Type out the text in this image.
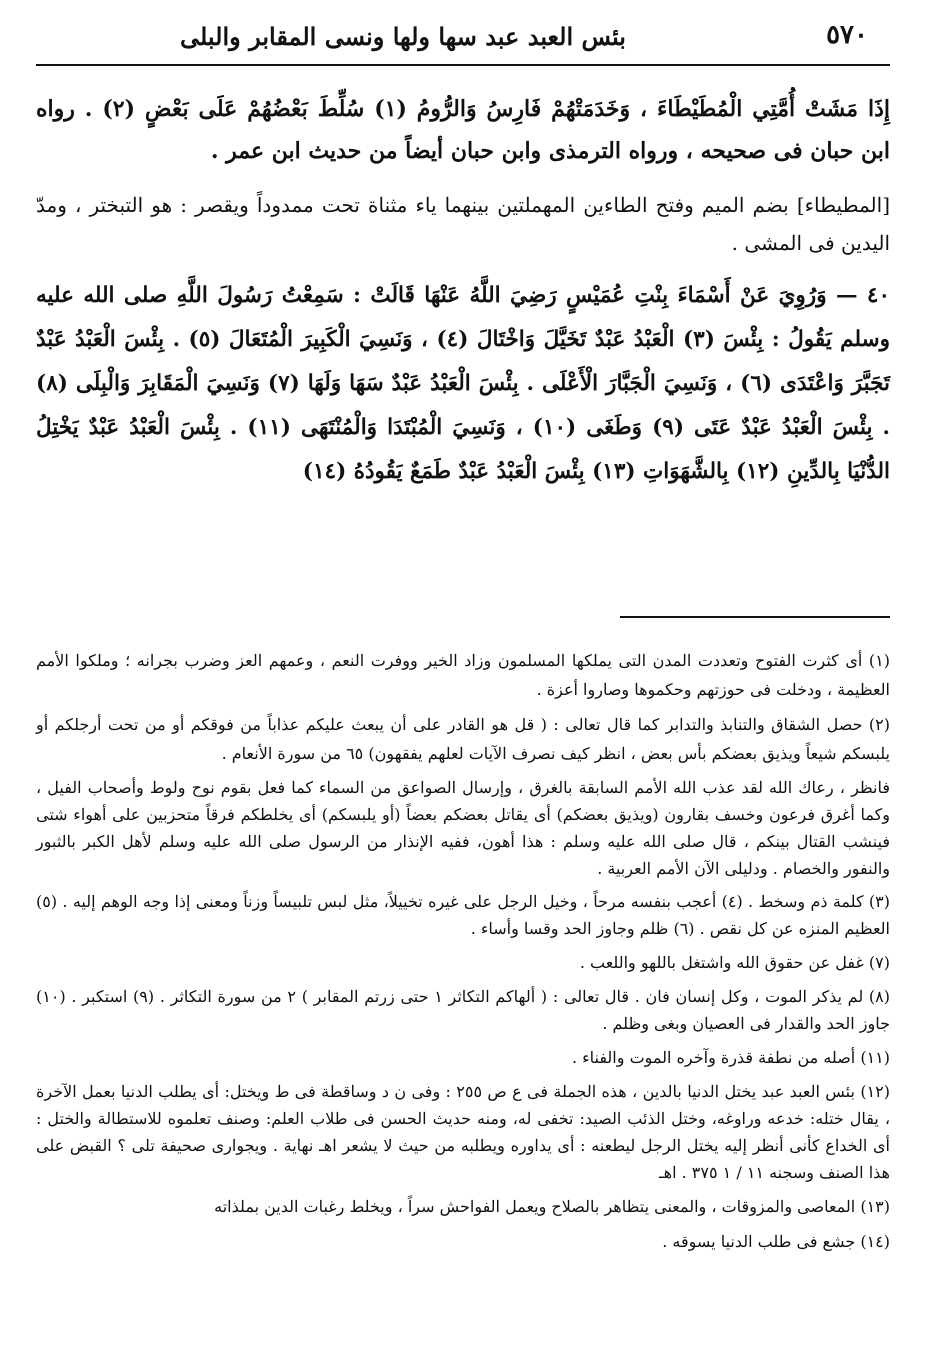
٥٧٠
بئس العبد عبد سها ولها ونسى المقابر والبلى

إِذَا مَشَتْ أُمَّتِي الْمُطَيْطَاءَ ، وَخَدَمَتْهُمْ فَارِسُ وَالرُّومُ (١) سُلِّطَ بَعْضُهُمْ عَلَى بَعْضٍ (٢) . رواه ابن حبان فى صحيحه ، ورواه الترمذى وابن حبان أيضاً من حديث ابن عمر .

[المطيطاء] بضم الميم وفتح الطاءين المهملتين بينهما ياء مثناة تحت ممدوداً ويقصر : هو التبختر ، ومدّ اليدين فى المشى .

٤٠ — وَرُوِيَ عَنْ أَسْمَاءَ بِنْتِ عُمَيْسٍ رَضِيَ اللَّهُ عَنْهَا قَالَتْ : سَمِعْتُ رَسُولَ اللَّهِ صلى الله عليه وسلم يَقُولُ : بِئْسَ (٣) الْعَبْدُ عَبْدٌ تَخَيَّلَ وَاخْتَالَ (٤) ، وَنَسِيَ الْكَبِيرَ الْمُتَعَالَ (٥) . بِئْسَ الْعَبْدُ عَبْدٌ تَجَبَّرَ وَاعْتَدَى (٦) ، وَنَسِيَ الْجَبَّارَ الْأَعْلَى . بِئْسَ الْعَبْدُ عَبْدٌ سَهَا وَلَهَا (٧) وَنَسِيَ الْمَقَابِرَ وَالْبِلَى (٨) . بِئْسَ الْعَبْدُ عَبْدٌ عَتَى (٩) وَطَغَى (١٠) ، وَنَسِيَ الْمُبْتَدَا وَالْمُنْتَهَى (١١) . بِئْسَ الْعَبْدُ عَبْدٌ يَخْتِلُ الدُّنْيَا بِالدِّينِ (١٢) بِالشَّهَوَاتِ (١٣) بِئْسَ الْعَبْدُ عَبْدٌ طَمَعٌ يَقُودُهُ (١٤)

(١) أى كثرت الفتوح وتعددت المدن التى يملكها المسلمون وزاد الخير ووفرت النعم ، وعمهم العز وضرب بجرانه ؛ وملكوا الأمم العظيمة ، ودخلت فى حوزتهم وحكموها وصاروا أعزة .

(٢) حصل الشقاق والتنابذ والتدابر كما قال تعالى : ( قل هو القادر على أن يبعث عليكم عذاباً من فوقكم أو من تحت أرجلكم أو يلبسكم شيعاً ويذيق بعضكم بأس بعض ، انظر كيف نصرف الآيات لعلهم يفقهون) ٦٥ من سورة الأنعام .

فانظر ، رعاك الله لقد عذب الله الأمم السابقة بالغرق ، وإرسال الصواعق من السماء كما فعل بقوم نوح ولوط وأصحاب الفيل ، وكما أغرق فرعون وخسف بقارون (ويذيق بعضكم) أى يقاتل بعضكم بعضاً (أو يلبسكم) أى يخلطكم فرقاً متحزبين على أهواء شتى فينشب القتال بينكم ، قال صلى الله عليه وسلم : هذا أهون، ففيه الإنذار من الرسول صلى الله عليه وسلم لأهل الكبر بالثبور والنفور والخصام . ودليلى الآن الأمم العربية .

(٣) كلمة ذم وسخط . (٤) أعجب بنفسه مرحاً ، وخيل الرجل على غيره تخييلاً، مثل لبس تلبيساً وزناً ومعنى إذا وجه الوهم إليه . (٥) العظيم المنزه عن كل نقص . (٦) ظلم وجاوز الحد وقسا وأساء .

(٧) غفل عن حقوق الله واشتغل باللهو واللعب .

(٨) لم يذكر الموت ، وكل إنسان فان . قال تعالى : ( ألهاكم التكاثر ١ حتى زرتم المقابر ) ٢ من سورة التكاثر . (٩) استكبر . (١٠) جاوز الحد والقدار فى العصيان وبغى وظلم .

(١١) أصله من نطفة قذرة وآخره الموت والفناء .

(١٢) بئس العبد عبد يختل الدنيا بالدين ، هذه الجملة فى ع ص ٢٥٥ : وفى ن د وساقطة فى ط ويختل: أى يطلب الدنيا بعمل الآخرة ، يقال ختله: خدعه وراوغه، وختل الذئب الصيد: تخفى له، ومنه حديث الحسن فى طلاب العلم: وصنف تعلموه للاستطالة والختل : أى الخداع كأنى أنظر إليه يختل الرجل ليطعنه : أى يداوره ويطلبه من حيث لا يشعر اهـ نهاية . ويجوارى صحيفة تلى ؟ القبض على هذا الصنف وسجنه ١١ / ١ ٣٧٥ . اهـ

(١٣) المعاصى والمزوقات ، والمعنى يتظاهر بالصلاح ويعمل الفواحش سراً ، ويخلط رغبات الدين بملذاته

(١٤) جشع فى طلب الدنيا يسوقه .
